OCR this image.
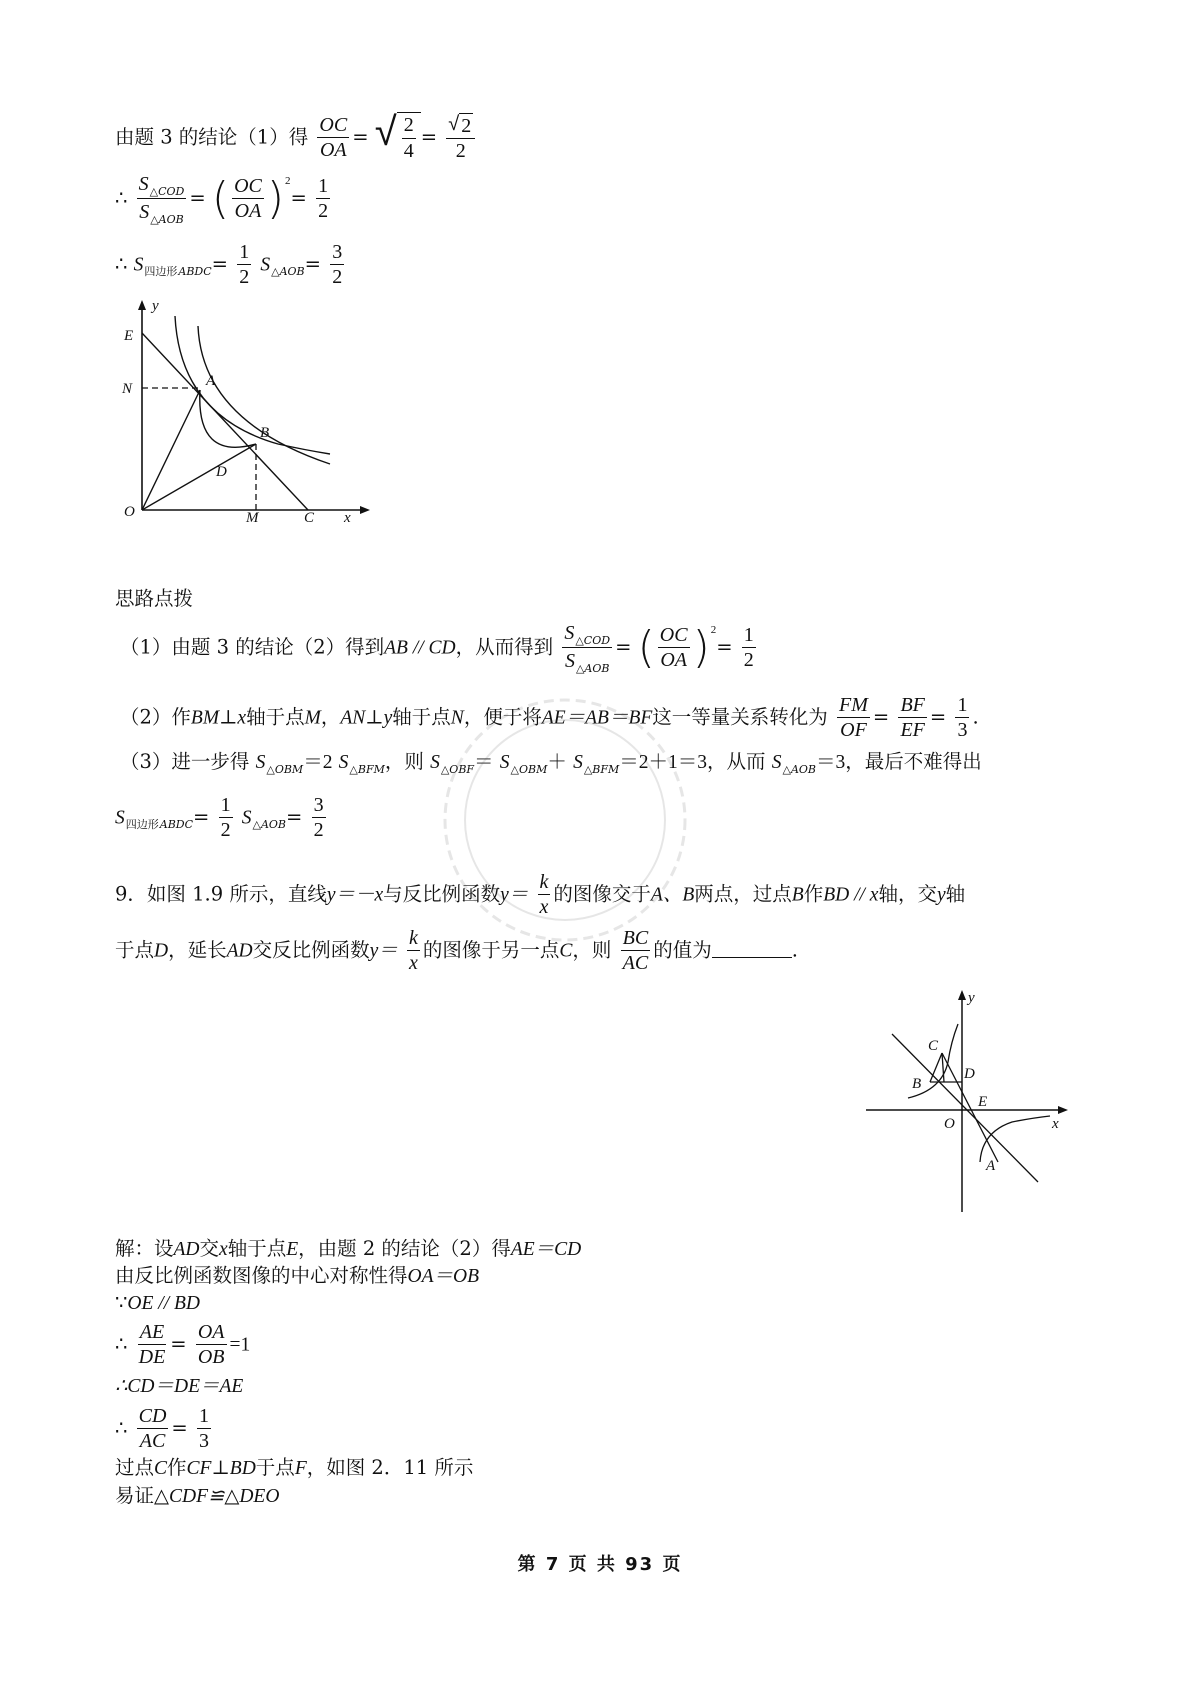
由题 3 的结论（1）得 $\frac{OC}{OA}$ = √ $\frac{2}{4} = \frac{√ 2}{2}$
∴ $\frac{S_{\triangle COD}}{S_{\triangle AOB}}$ = ( $\frac{OC}{OA} )^2= \frac{1}{2}$
∴ $S_{四边形ABDC}= \frac{1}{2} S_{\triangle AOB}= \frac{3}{2}$
y
E
N	A
B
D
O	M	C x
思路点拨
（1）由题 3 的结论（2）得到AB // CD，从而得到 $\frac{S_{\triangle COD}}{S_{\triangle AOB}}$ = ( $\frac{OC}{OA} )^2= \frac{1}{2}$
（2）作BM⊥x轴于点M，AN⊥y轴于点N，便于将AE＝AB＝BF这一等量关系转化为 $\frac{FM}{OF} = \frac{BF}{EF} = \frac{1}{3}$ .
（3）进一步得 $S_{\triangle OBM}=2$ $S_{\triangle BFM}$，则 $S_{\triangle OBF}= S_{\triangle OBM}+ S_{\triangle BFM}=2+1=3$，从而 $S_{\triangle AOB}=3$，最后不难得出
$S_{四边形ABDC}= \frac{1}{2} S_{\triangle AOB}= \frac{3}{2}$
9．如图 1.9 所示，直线y＝－x与反比例函数$y= \frac{k}{x}$ 的图像交于A、B两点，过点B作BD // x轴，交y轴
于点D，延长AD交反比例函数$y= \frac{k}{x}$ 的图像于另一点C，则 $\frac{BC}{AC}$ 的值为	.
y
C
D
B
E
O	x
A
解：设AD交x轴于点E，由题 2 的结论（2）得AE＝CD
由反比例函数图像的中心对称性得OA＝OB
∵OE // BD
∴ $\frac{AE}{DE} = \frac{OA}{OB} =1$
∴CD＝DE＝AE
∴ $\frac{CD}{AC} = \frac{1}{3}$
过点C作CF⊥BD于点F，如图 2．11 所示
易证△CDF≌△DEO
第 7 页 共 93 页
